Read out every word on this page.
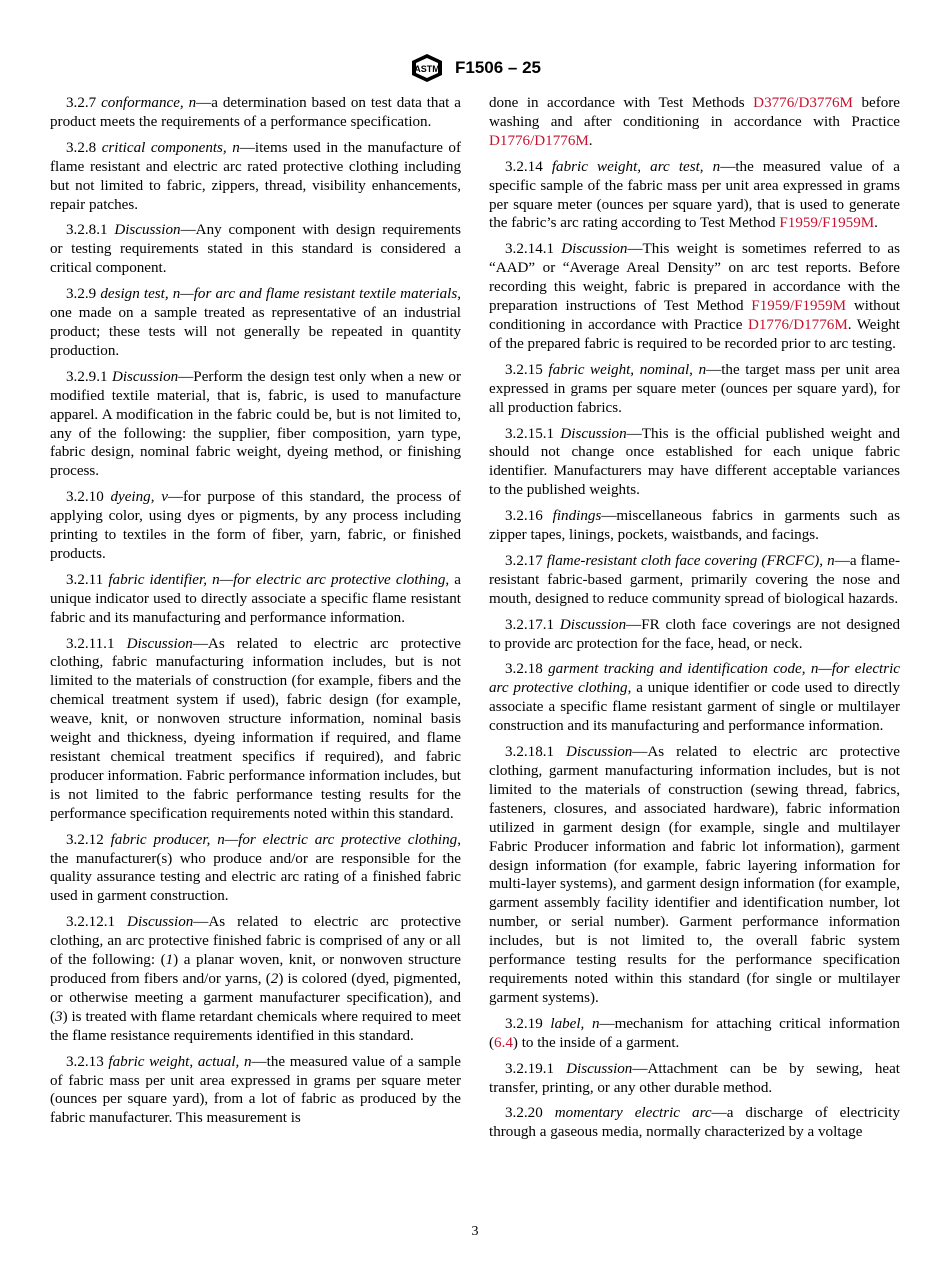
ASTM F1506 – 25

3.2.7 conformance, n—a determination based on test data that a product meets the requirements of a performance specification.

3.2.8 critical components, n—items used in the manufacture of flame resistant and electric arc rated protective clothing including but not limited to fabric, zippers, thread, visibility enhancements, repair patches.

3.2.8.1 Discussion—Any component with design requirements or testing requirements stated in this standard is considered a critical component.

3.2.9 design test, n—for arc and flame resistant textile materials, one made on a sample treated as representative of an industrial product; these tests will not generally be repeated in quantity production.

3.2.9.1 Discussion—Perform the design test only when a new or modified textile material, that is, fabric, is used to manufacture apparel. A modification in the fabric could be, but is not limited to, any of the following: the supplier, fiber composition, yarn type, fabric design, nominal fabric weight, dyeing method, or finishing process.

3.2.10 dyeing, v—for purpose of this standard, the process of applying color, using dyes or pigments, by any process including printing to textiles in the form of fiber, yarn, fabric, or finished products.

3.2.11 fabric identifier, n—for electric arc protective clothing, a unique indicator used to directly associate a specific flame resistant fabric and its manufacturing and performance information.

3.2.11.1 Discussion—As related to electric arc protective clothing, fabric manufacturing information includes, but is not limited to the materials of construction (for example, fibers and the chemical treatment system if used), fabric design (for example, weave, knit, or nonwoven structure information, nominal basis weight and thickness, dyeing information if required, and flame resistant chemical treatment specifics if required), and fabric producer information. Fabric performance information includes, but is not limited to the fabric performance testing results for the performance specification requirements noted within this standard.

3.2.12 fabric producer, n—for electric arc protective clothing, the manufacturer(s) who produce and/or are responsible for the quality assurance testing and electric arc rating of a finished fabric used in garment construction.

3.2.12.1 Discussion—As related to electric arc protective clothing, an arc protective finished fabric is comprised of any or all of the following: (1) a planar woven, knit, or nonwoven structure produced from fibers and/or yarns, (2) is colored (dyed, pigmented, or otherwise meeting a garment manufacturer specification), and (3) is treated with flame retardant chemicals where required to meet the flame resistance requirements identified in this standard.

3.2.13 fabric weight, actual, n—the measured value of a sample of fabric mass per unit area expressed in grams per square meter (ounces per square yard), from a lot of fabric as produced by the fabric manufacturer. This measurement is

done in accordance with Test Methods D3776/D3776M before washing and after conditioning in accordance with Practice D1776/D1776M.

3.2.14 fabric weight, arc test, n—the measured value of a specific sample of the fabric mass per unit area expressed in grams per square meter (ounces per square yard), that is used to generate the fabric’s arc rating according to Test Method F1959/F1959M.

3.2.14.1 Discussion—This weight is sometimes referred to as “AAD” or “Average Areal Density” on arc test reports. Before recording this weight, fabric is prepared in accordance with the preparation instructions of Test Method F1959/F1959M without conditioning in accordance with Practice D1776/D1776M. Weight of the prepared fabric is required to be recorded prior to arc testing.

3.2.15 fabric weight, nominal, n—the target mass per unit area expressed in grams per square meter (ounces per square yard), for all production fabrics.

3.2.15.1 Discussion—This is the official published weight and should not change once established for each unique fabric identifier. Manufacturers may have different acceptable variances to the published weights.

3.2.16 findings—miscellaneous fabrics in garments such as zipper tapes, linings, pockets, waistbands, and facings.

3.2.17 flame-resistant cloth face covering (FRCFC), n—a flame-resistant fabric-based garment, primarily covering the nose and mouth, designed to reduce community spread of biological hazards.

3.2.17.1 Discussion—FR cloth face coverings are not designed to provide arc protection for the face, head, or neck.

3.2.18 garment tracking and identification code, n—for electric arc protective clothing, a unique identifier or code used to directly associate a specific flame resistant garment of single or multilayer construction and its manufacturing and performance information.

3.2.18.1 Discussion—As related to electric arc protective clothing, garment manufacturing information includes, but is not limited to the materials of construction (sewing thread, fabrics, fasteners, closures, and associated hardware), fabric information utilized in garment design (for example, single and multilayer Fabric Producer information and fabric lot information), garment design information (for example, fabric layering information for multi-layer systems), and garment design information (for example, garment assembly facility identifier and identification number, lot number, or serial number). Garment performance information includes, but is not limited to, the overall fabric system performance testing results for the performance specification requirements noted within this standard (for single or multilayer garment systems).

3.2.19 label, n—mechanism for attaching critical information (6.4) to the inside of a garment.

3.2.19.1 Discussion—Attachment can be by sewing, heat transfer, printing, or any other durable method.

3.2.20 momentary electric arc—a discharge of electricity through a gaseous media, normally characterized by a voltage

3
